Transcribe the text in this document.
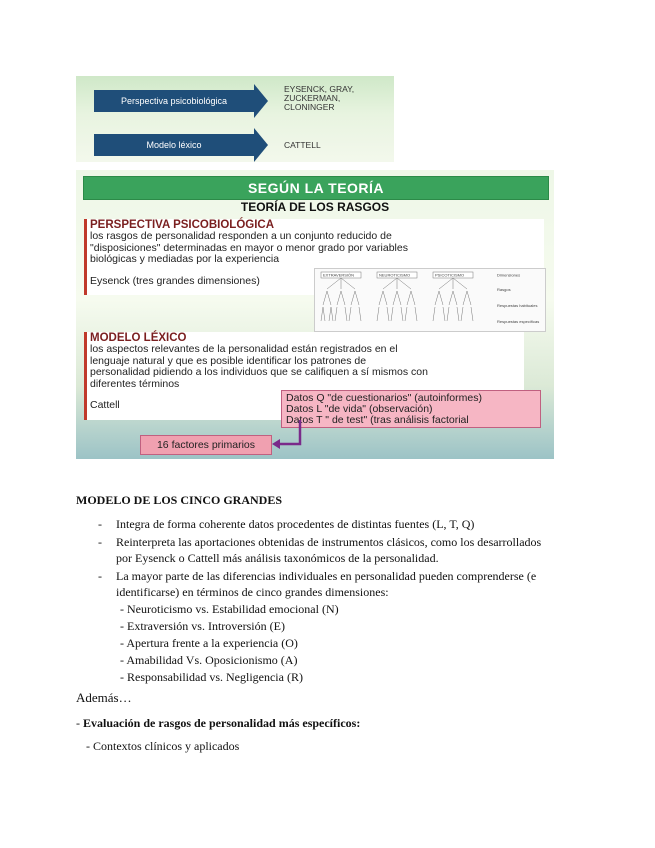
Perspectiva psicobiológica
EYSENCK, GRAY,
ZUCKERMAN,
CLONINGER
Modelo léxico	CATTELL
SEGÚN LA TEORÍA
TEORÍA DE LOS RASGOS
PERSPECTIVA PSICOBIOLÓGICA
los rasgos de personalidad responden a un conjunto reducido de
"disposiciones" determinadas en mayor o menor grado por variables
biológicas y mediadas por la experiencia
Eysenck (tres grandes dimensiones)	EXTRAVERSIÓN	NEUROTICISMO	PSICOTICISMO	Dimensiones
Rasgos
Respuestas habituales
Respuestas específicas
MODELO LÉXICO
los aspectos relevantes de la personalidad están registrados en el
lenguaje natural y que es posible identificar los patrones de
personalidad pidiendo a los individuos que se califiquen a sí mismos con
diferentes términos
Cattell
Datos Q "de cuestionarios" (autoinformes)
Datos L "de vida" (observación)
Datos T " de test" (tras análisis factorial
16 factores primarios
MODELO DE LOS CINCO GRANDES
- Integra de forma coherente datos procedentes de distintas fuentes (L, T, Q)
- Reinterpreta las aportaciones obtenidas de instrumentos clásicos, como los desarrollados
por Eysenck o Cattell más análisis taxonómicos de la personalidad.
- La mayor parte de las diferencias individuales en personalidad pueden comprenderse (e
identificarse) en términos de cinco grandes dimensiones:
- Neuroticismo vs. Estabilidad emocional (N)
- Extraversión vs. Introversión (E)
- Apertura frente a la experiencia (O)
- Amabilidad Vs. Oposicionismo (A)
- Responsabilidad vs. Negligencia (R)
Además…
- Evaluación de rasgos de personalidad más específicos:
- Contextos clínicos y aplicados
